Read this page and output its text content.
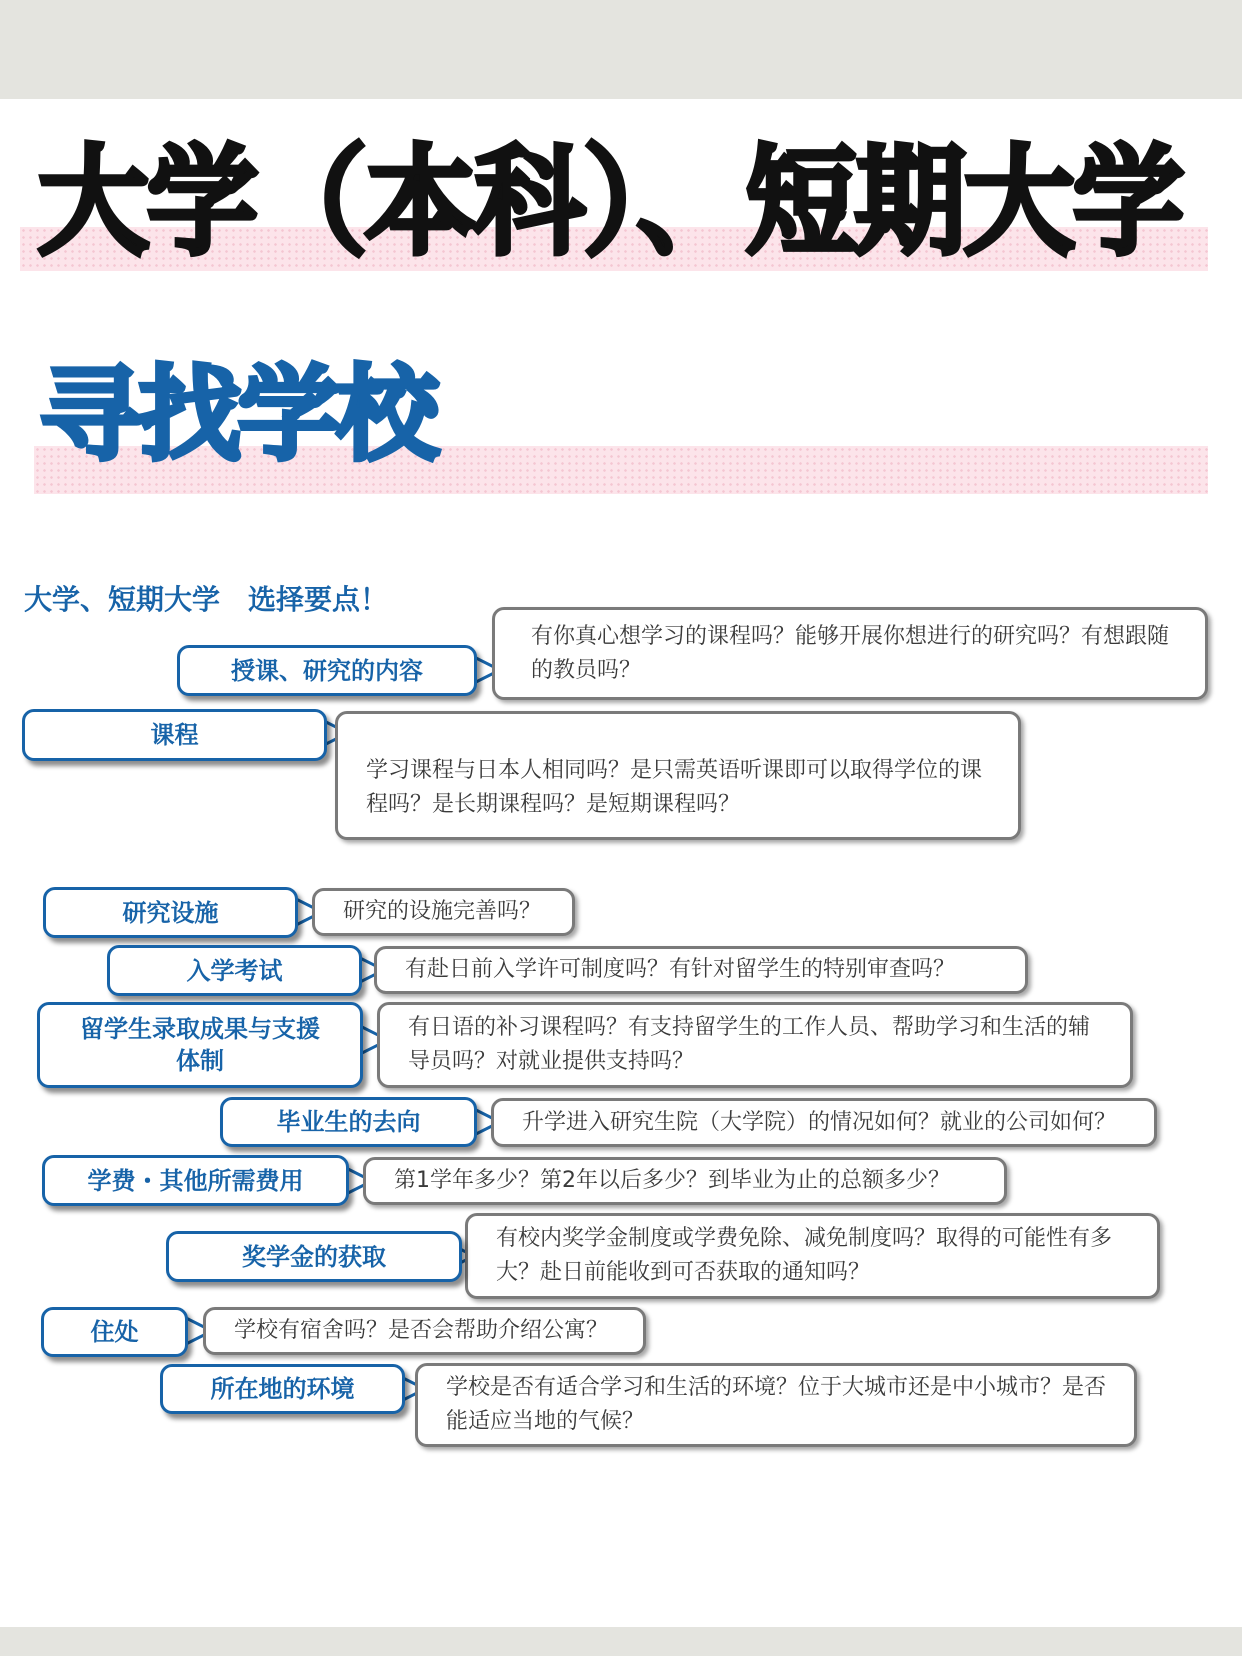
大学（本科）、短期大学
寻找学校
大学、短期大学　选择要点！
有你真心想学习的课程吗？能够开展你想进行的研究吗？有想跟随的教员吗？
授课、研究的内容
学习课程与日本人相同吗？是只需英语听课即可以取得学位的课程吗？是长期课程吗？是短期课程吗？
课程
研究的设施完善吗？
研究设施
有赴日前入学许可制度吗？有针对留学生的特别审查吗？
入学考试
有日语的补习课程吗？有支持留学生的工作人员、帮助学习和生活的辅导员吗？对就业提供支持吗？
留学生录取成果与支援体制
升学进入研究生院（大学院）的情况如何？就业的公司如何？
毕业生的去向
第1学年多少？第2年以后多少？到毕业为止的总额多少？
学费・其他所需费用
有校内奖学金制度或学费免除、减免制度吗？取得的可能性有多大？赴日前能收到可否获取的通知吗？
奖学金的获取
学校有宿舍吗？是否会帮助介绍公寓？
住处
学校是否有适合学习和生活的环境？位于大城市还是中小城市？是否能适应当地的气候？
所在地的环境
